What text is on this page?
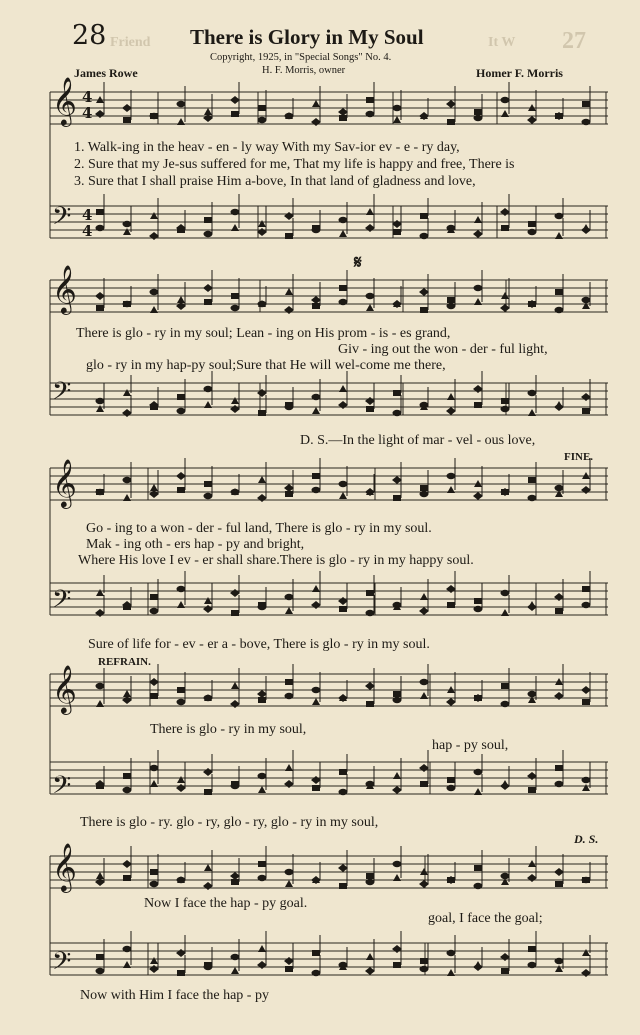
28	There is Glory in My Soul
Friend	It W 27
Copyright, 1925, in "Special Songs" No. 4.
H. F. Morris, owner
James Rowe	Homer F. Morris
𝄞 4
4
𝄢 4
4
1. Walk-ing in the heav - en - ly way With my Sav-ior ev - e - ry day,
2. Sure that my Je-sus suffered for me, That my life is happy and free, There is
3. Sure that I shall praise Him a-bove, In that land of gladness and love,
𝄞
𝄢
𝄋
There is glo - ry in my soul; Lean - ing on His prom - is - es grand,
Giv - ing out the won - der - ful light,
glo - ry in my hap-py soul;Sure that He will wel-come me there,
D. S.—In the light of mar - vel - ous love,
FINE.
𝄞
𝄢
Go - ing to a won - der - ful land, There is glo - ry in my soul.
Mak - ing oth - ers hap - py and bright,
Where His love I ev - er shall share.There is glo - ry in my happy soul.
Sure of life for - ev - er a - bove, There is glo - ry in my soul.
REFRAIN.
𝄞
𝄢
There is glo - ry in my soul,
hap - py soul,
There is glo - ry. glo - ry, glo - ry, glo - ry in my soul,
D. S.
𝄞
𝄢
Now I face the hap - py goal.
goal, I face the goal;
Now with Him I face the hap - py
